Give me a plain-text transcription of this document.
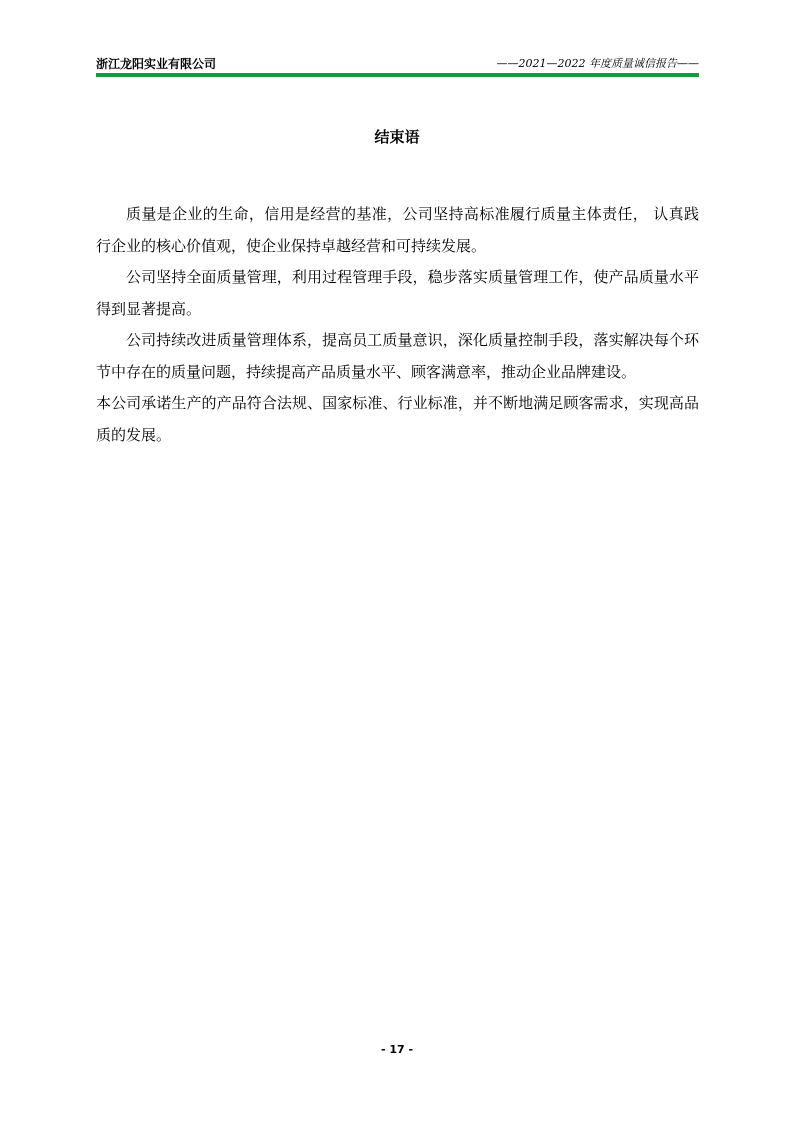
浙江龙阳实业有限公司	——2021—2022 年度质量诚信报告——
结束语

质量是企业的生命，信用是经营的基准，公司坚持高标准履行质量主体责任， 认真践行企业的核心价值观，使企业保持卓越经营和可持续发展。

公司坚持全面质量管理，利用过程管理手段，稳步落实质量管理工作，使产品质量水平得到显著提高。

公司持续改进质量管理体系，提高员工质量意识，深化质量控制手段，落实解决每个环节中存在的质量问题，持续提高产品质量水平、顾客满意率，推动企业品牌建设。

本公司承诺生产的产品符合法规、国家标准、行业标准，并不断地满足顾客需求，实现高品质的发展。

- 17 -
